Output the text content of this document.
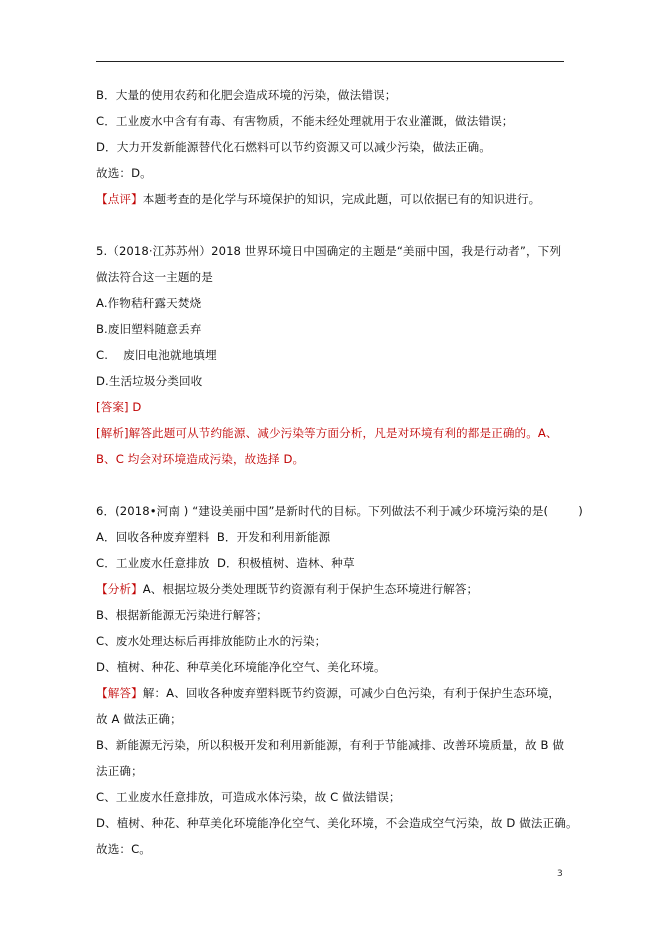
B．大量的使用农药和化肥会造成环境的污染，做法错误；
C．工业废水中含有有毒、有害物质，不能未经处理就用于农业灌溉，做法错误；
D．大力开发新能源替代化石燃料可以节约资源又可以减少污染，做法正确。
故选：D。
【点评】本题考查的是化学与环境保护的知识，完成此题，可以依据已有的知识进行。
5.（2018·江苏苏州）2018 世界环境日中国确定的主题是“美丽中国，我是行动者”，下列
做法符合这一主题的是
A.作物秸秆露天焚烧
B.废旧塑料随意丢弃
C.    废旧电池就地填埋
D.生活垃圾分类回收
[答案] D
[解析]解答此题可从节约能源、减少污染等方面分析，凡是对环境有利的都是正确的。A、
B、C 均会对环境造成污染，故选择 D。
6．(2018•河南 ) “建设美丽中国”是新时代的目标。下列做法不利于减少环境污染的是(	)
A．回收各种废弃塑料  B．开发和利用新能源
C．工业废水任意排放  D．积极植树、造林、种草
【分析】A、根据垃圾分类处理既节约资源有利于保护生态环境进行解答；
B、根据新能源无污染进行解答；
C、废水处理达标后再排放能防止水的污染；
D、植树、种花、种草美化环境能净化空气、美化环境。
【解答】解：A、回收各种废弃塑料既节约资源，可减少白色污染，有利于保护生态环境，
故 A 做法正确；
B、新能源无污染，所以积极开发和利用新能源，有利于节能减排、改善环境质量，故 B 做
法正确；
C、工业废水任意排放，可造成水体污染，故 C 做法错误；
D、植树、种花、种草美化环境能净化空气、美化环境，不会造成空气污染，故 D 做法正确。
故选：C。
3
